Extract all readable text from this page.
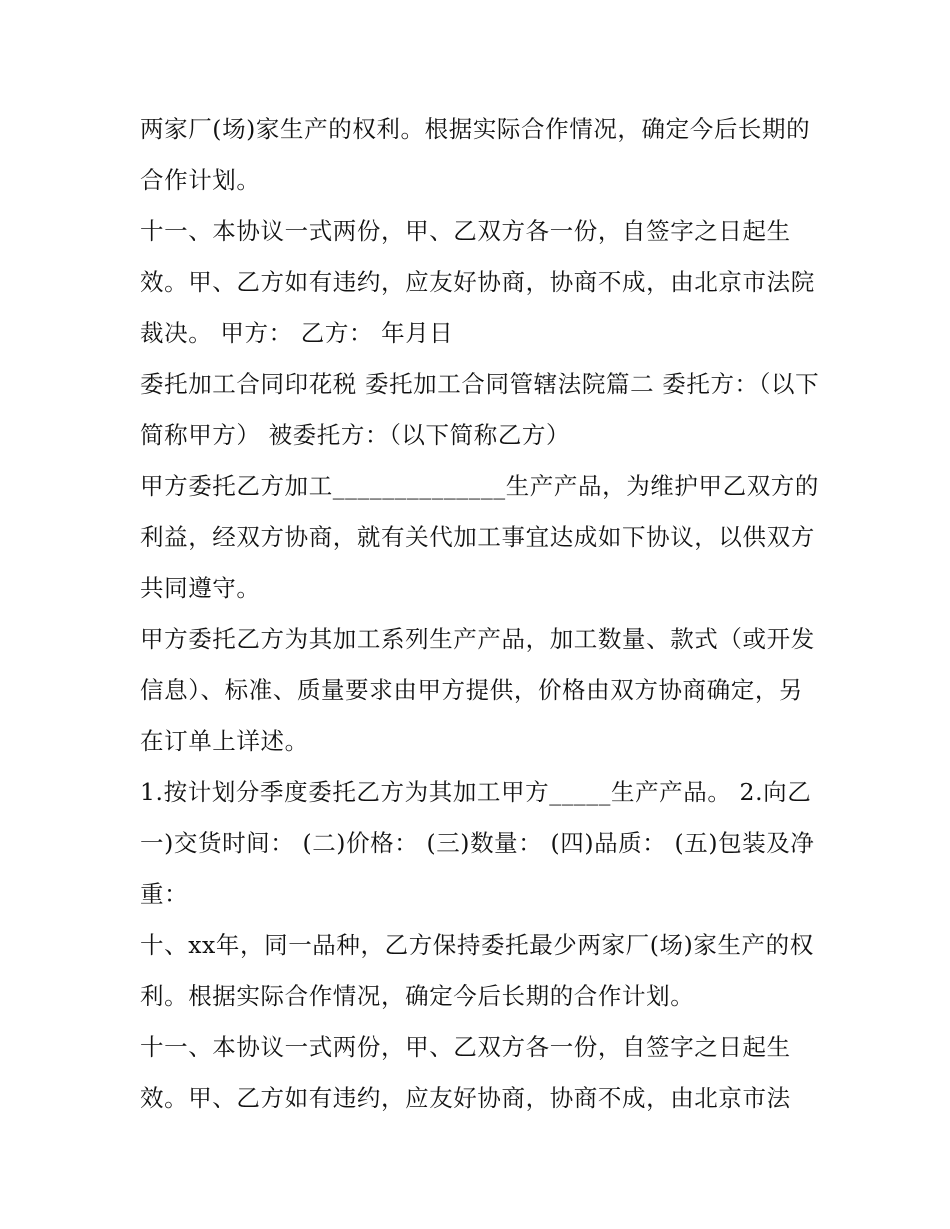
两家厂(场)家生产的权利。根据实际合作情况，确定今后长期的合作计划。

十一、本协议一式两份，甲、乙双方各一份，自签字之日起生效。甲、乙方如有违约，应友好协商，协商不成，由北京市法院裁决。 甲方： 乙方： 年月日

委托加工合同印花税 委托加工合同管辖法院篇二 委托方：（以下简称甲方） 被委托方：（以下简称乙方）

甲方委托乙方加工______________生产产品，为维护甲乙双方的利益，经双方协商，就有关代加工事宜达成如下协议，以供双方共同遵守。

甲方委托乙方为其加工系列生产产品，加工数量、款式（或开发信息）、标准、质量要求由甲方提供，价格由双方协商确定，另在订单上详述。

1.按计划分季度委托乙方为其加工甲方_____生产产品。 2.向乙一)交货时间： (二)价格： (三)数量： (四)品质： (五)包装及净重：

十、xx年，同一品种，乙方保持委托最少两家厂(场)家生产的权利。根据实际合作情况，确定今后长期的合作计划。

十一、本协议一式两份，甲、乙双方各一份，自签字之日起生效。甲、乙方如有违约，应友好协商，协商不成，由北京市法
